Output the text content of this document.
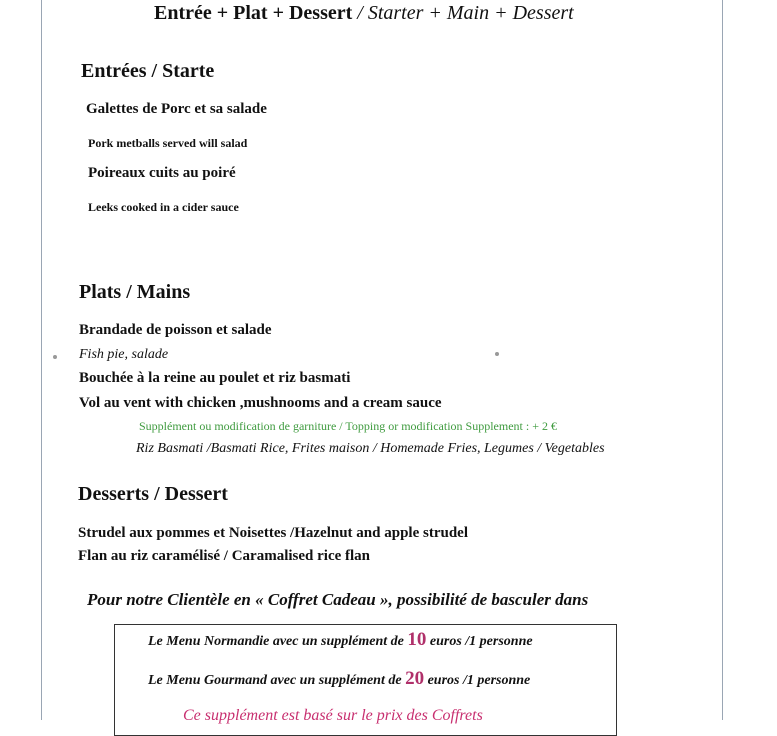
Entrée + Plat + Dessert / Starter + Main + Dessert
Entrées / Starte
Galettes de Porc et sa salade
Pork metballs served will salad
Poireaux cuits au poiré
Leeks cooked in a cider sauce
Plats / Mains
Brandade de poisson et salade
Fish pie, salade
Bouchée à la reine au poulet et riz basmati
Vol au vent with chicken ,mushnooms and a cream sauce
Supplément ou modification de garniture / Topping or modification Supplement : + 2 €
Riz Basmati /Basmati Rice, Frites maison / Homemade Fries, Legumes / Vegetables
Desserts / Dessert
Strudel aux pommes et Noisettes /Hazelnut and apple strudel
Flan au riz caramélisé / Caramalised rice flan
Pour notre Clientèle en « Coffret Cadeau », possibilité de basculer dans
Le Menu Normandie avec un supplément de 10 euros /1 personne
Le Menu Gourmand avec un supplément de 20 euros /1 personne
Ce supplément est basé sur le prix des Coffrets
